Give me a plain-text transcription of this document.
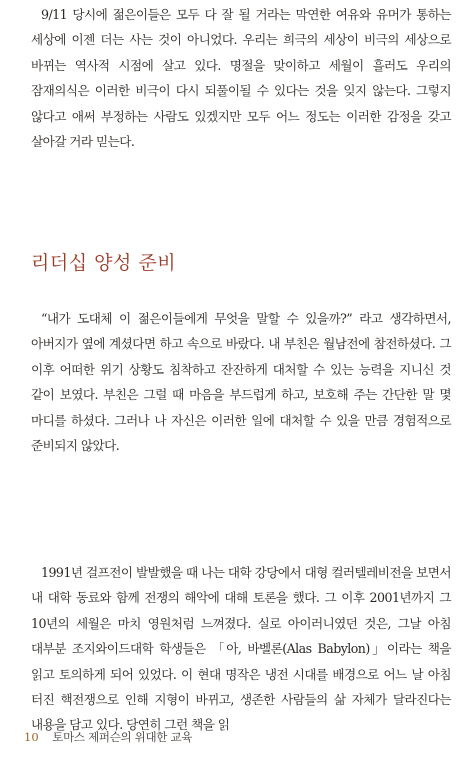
9/11 당시에 젊은이들은 모두 다 잘 될 거라는 막연한 여유와 유머가 통하는 세상에 이젠 더는 사는 것이 아니었다. 우리는 희극의 세상이 비극의 세상으로 바뀌는 역사적 시점에 살고 있다. 명절을 맞이하고 세월이 흘러도 우리의 잠재의식은 이러한 비극이 다시 되풀이될 수 있다는 것을 잊지 않는다. 그렇지 않다고 애써 부정하는 사람도 있겠지만 모두 어느 정도는 이러한 감정을 갖고 살아갈 거라 믿는다.

리더십 양성 준비

“내가 도대체 이 젊은이들에게 무엇을 말할 수 있을까?” 라고 생각하면서, 아버지가 옆에 계셨다면 하고 속으로 바랐다. 내 부친은 월남전에 참전하셨다. 그 이후 어떠한 위기 상황도 침착하고 잔잔하게 대처할 수 있는 능력을 지니신 것 같이 보였다. 부친은 그럴 때 마음을 부드럽게 하고, 보호해 주는 간단한 말 몇 마디를 하셨다. 그러나 나 자신은 이러한 일에 대처할 수 있을 만큼 경험적으로 준비되지 않았다.

1991년 걸프전이 발발했을 때 나는 대학 강당에서 대형 컬러텔레비전을 보면서 내 대학 동료와 함께 전쟁의 해악에 대해 토론을 했다. 그 이후 2001년까지 그 10년의 세월은 마치 영원처럼 느껴졌다. 실로 아이러니였던 것은, 그날 아침 대부분 조지와이드대학 학생들은 「아, 바벨론(Alas Babylon)」이라는 책을 읽고 토의하게 되어 있었다. 이 현대 명작은 냉전 시대를 배경으로 어느 날 아침 터진 핵전쟁으로 인해 지형이 바뀌고, 생존한 사람들의 삶 자체가 달라진다는 내용을 담고 있다. 당연히 그런 책을 읽

10 토마스 제퍼슨의 위대한 교육
